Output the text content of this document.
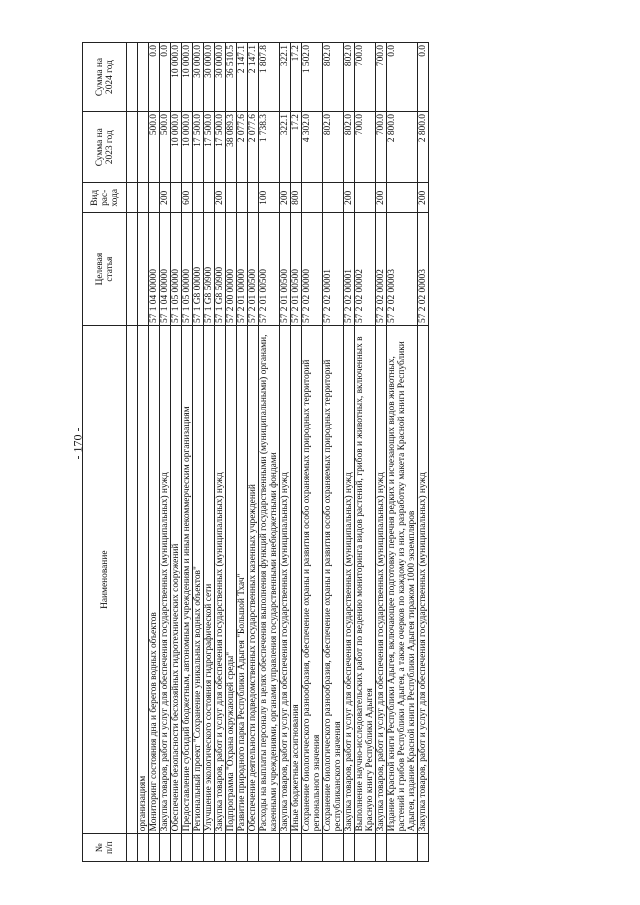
- 170 -
№
п/п	Наименование	Целевая
статья	Вид
рас-
хода	Сумма на
2023 год	Сумма на
2024 год

	организациям				
	Мониторинг состояния дна и берегов водных объектов	57 1 04 00000		500.0	0.0
	Закупка товаров, работ и услуг для обеспечения государственных (муниципальных) нужд	57 1 04 00000	200	500.0	0.0
	Обеспечение безопасности бесхозяйных гидротехнических сооружений	57 1 05 00000		10 000.0	10 000.0
	Предоставление субсидий бюджетным, автономным учреждениям и иным некоммерческим организациям	57 1 05 00000	600	10 000.0	10 000.0
	Региональный проект "Сохранение уникальных водных объектов"	57 1 G8 00000		17 500.0	30 000.0
	Улучшение экологического состояния гидрографической сети	57 1 G8 50900		17 500.0	30 000.0
	Закупка товаров, работ и услуг для обеспечения государственных (муниципальных) нужд	57 1 G8 50900	200	17 500.0	30 000.0
	Подпрограмма "Охрана окружающей среды"	57 2 00 00000		38 089.3	36 510.5
	Развитие природного парка Республики Адыгея "Большой Тхач"	57 2 01 00000		2 077.6	2 147.1
	Обеспечение деятельности подведомственных государственных казенных учреждений	57 2 01 00500		2 077.6	2 147.1
	Расходы на выплаты персоналу в целях обеспечения выполнения функций государственными (муниципальными) органами, казенными учреждениями, органами управления государственными внебюджетными фондами	57 2 01 00500	100	1 738.3	1 807.8
	Закупка товаров, работ и услуг для обеспечения государственных (муниципальных) нужд	57 2 01 00500	200	322.1	322.1
	Иные бюджетные ассигнования	57 2 01 00500	800	17.2	17.2
	Сохранение биологического разнообразия, обеспечение охраны и развития особо охраняемых природных территорий регионального значения	57 2 02 00000		4 302.0	1 502.0
	Сохранение биологического разнообразия, обеспечение охраны и развития особо охраняемых природных территорий республиканского значения	57 2 02 00001		802.0	802.0
	Закупка товаров, работ и услуг для обеспечения государственных (муниципальных) нужд	57 2 02 00001	200	802.0	802.0
	Выполнение научно-исследовательских работ по ведению мониторинга видов растений, грибов и животных, включенных в Красную книгу Республики Адыгея	57 2 02 00002		700.0	700.0
	Закупка товаров, работ и услуг для обеспечения государственных (муниципальных) нужд	57 2 02 00002	200	700.0	700.0
	Издание Красной книги Республики Адыгея, включающее подготовку перечня редких и исчезающих видов животных, растений и грибов Республики Адыгея, а также очерков по каждому из них, разработку макета Красной книги Республики Адыгея, издание Красной книги Республики Адыгея тиражом 1000 экземпляров	57 2 02 00003		2 800.0	0.0
	Закупка товаров, работ и услуг для обеспечения государственных (муниципальных) нужд	57 2 02 00003	200	2 800.0	0.0
